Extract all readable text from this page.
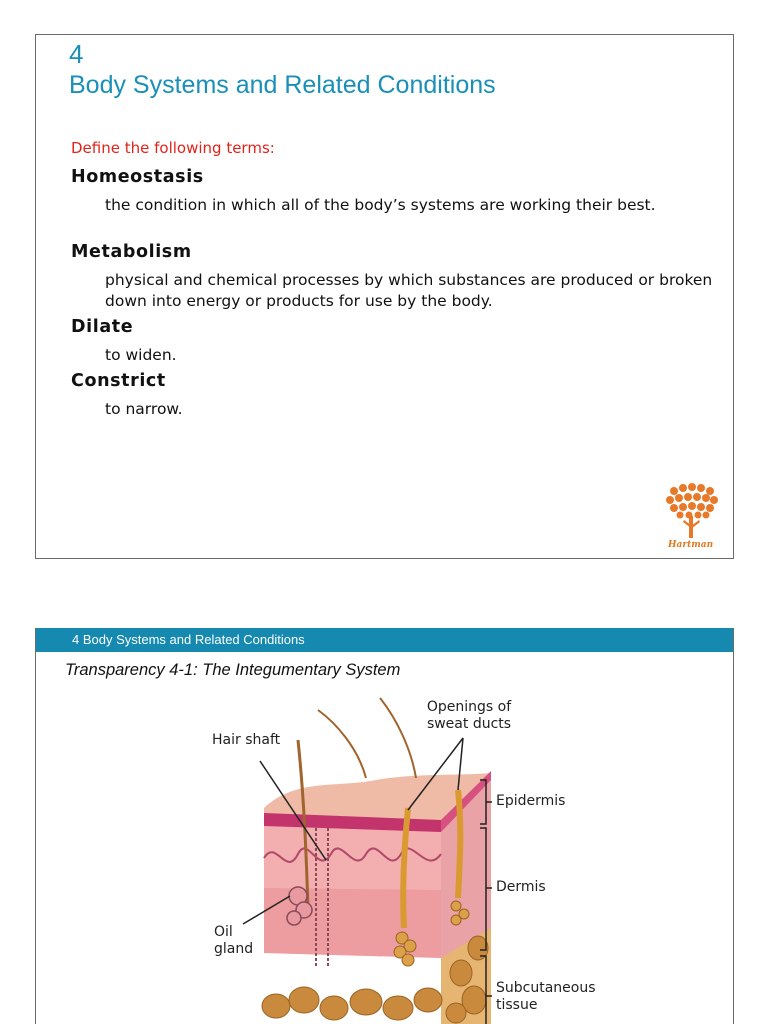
4
Body Systems and Related Conditions
Define the following terms:
Homeostasis
the condition in which all of the body’s systems are working their best.
Metabolism
physical and chemical processes by which substances are produced or broken down into energy or products for use by the body.
Dilate
to widen.
Constrict
to narrow.
Hartman
4 Body Systems and Related Conditions
Transparency 4-1: The Integumentary System
Hair shaft
Openings of sweat ducts
Epidermis
Dermis
Oil gland
Subcutaneous tissue
